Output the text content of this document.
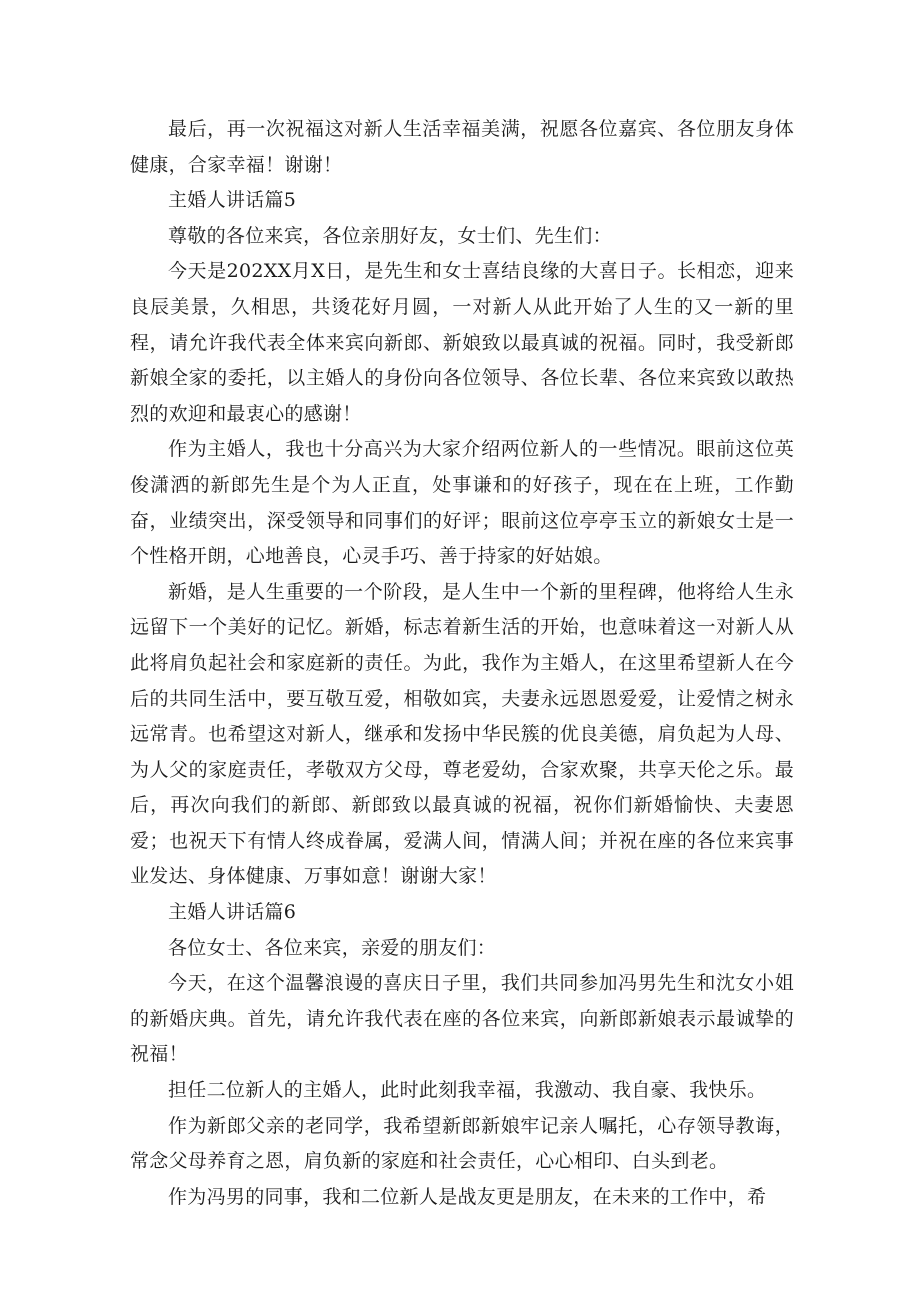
最后，再一次祝福这对新人生活幸福美满，祝愿各位嘉宾、各位朋友身体健康，合家幸福！谢谢！

主婚人讲话篇5

尊敬的各位来宾，各位亲朋好友，女士们、先生们：

今天是202XX月X日，是先生和女士喜结良缘的大喜日子。长相恋，迎来良辰美景，久相思，共烫花好月圆，一对新人从此开始了人生的又一新的里程，请允许我代表全体来宾向新郎、新娘致以最真诚的祝福。同时，我受新郎新娘全家的委托，以主婚人的身份向各位领导、各位长辈、各位来宾致以敢热烈的欢迎和最衷心的感谢！

作为主婚人，我也十分高兴为大家介绍两位新人的一些情况。眼前这位英俊潇洒的新郎先生是个为人正直，处事谦和的好孩子，现在在上班，工作勤奋，业绩突出，深受领导和同事们的好评；眼前这位亭亭玉立的新娘女士是一个性格开朗，心地善良，心灵手巧、善于持家的好姑娘。

新婚，是人生重要的一个阶段，是人生中一个新的里程碑，他将给人生永远留下一个美好的记忆。新婚，标志着新生活的开始，也意味着这一对新人从此将肩负起社会和家庭新的责任。为此，我作为主婚人，在这里希望新人在今后的共同生活中，要互敬互爱，相敬如宾，夫妻永远恩恩爱爱，让爱情之树永远常青。也希望这对新人，继承和发扬中华民簇的优良美德，肩负起为人母、为人父的家庭责任，孝敬双方父母，尊老爱幼，合家欢聚，共享天伦之乐。最后，再次向我们的新郎、新郎致以最真诚的祝福，祝你们新婚愉快、夫妻恩爱；也祝天下有情人终成眷属，爱满人间，情满人间；并祝在座的各位来宾事业发达、身体健康、万事如意！谢谢大家！

主婚人讲话篇6

各位女士、各位来宾，亲爱的朋友们：

今天，在这个温馨浪谩的喜庆日子里，我们共同参加冯男先生和沈女小姐的新婚庆典。首先，请允许我代表在座的各位来宾，向新郎新娘表示最诚挚的祝福！

担任二位新人的主婚人，此时此刻我幸福，我激动、我自豪、我快乐。

作为新郎父亲的老同学，我希望新郎新娘牢记亲人嘱托，心存领导教诲，常念父母养育之恩，肩负新的家庭和社会责任，心心相印、白头到老。

作为冯男的同事，我和二位新人是战友更是朋友，在未来的工作中，希
